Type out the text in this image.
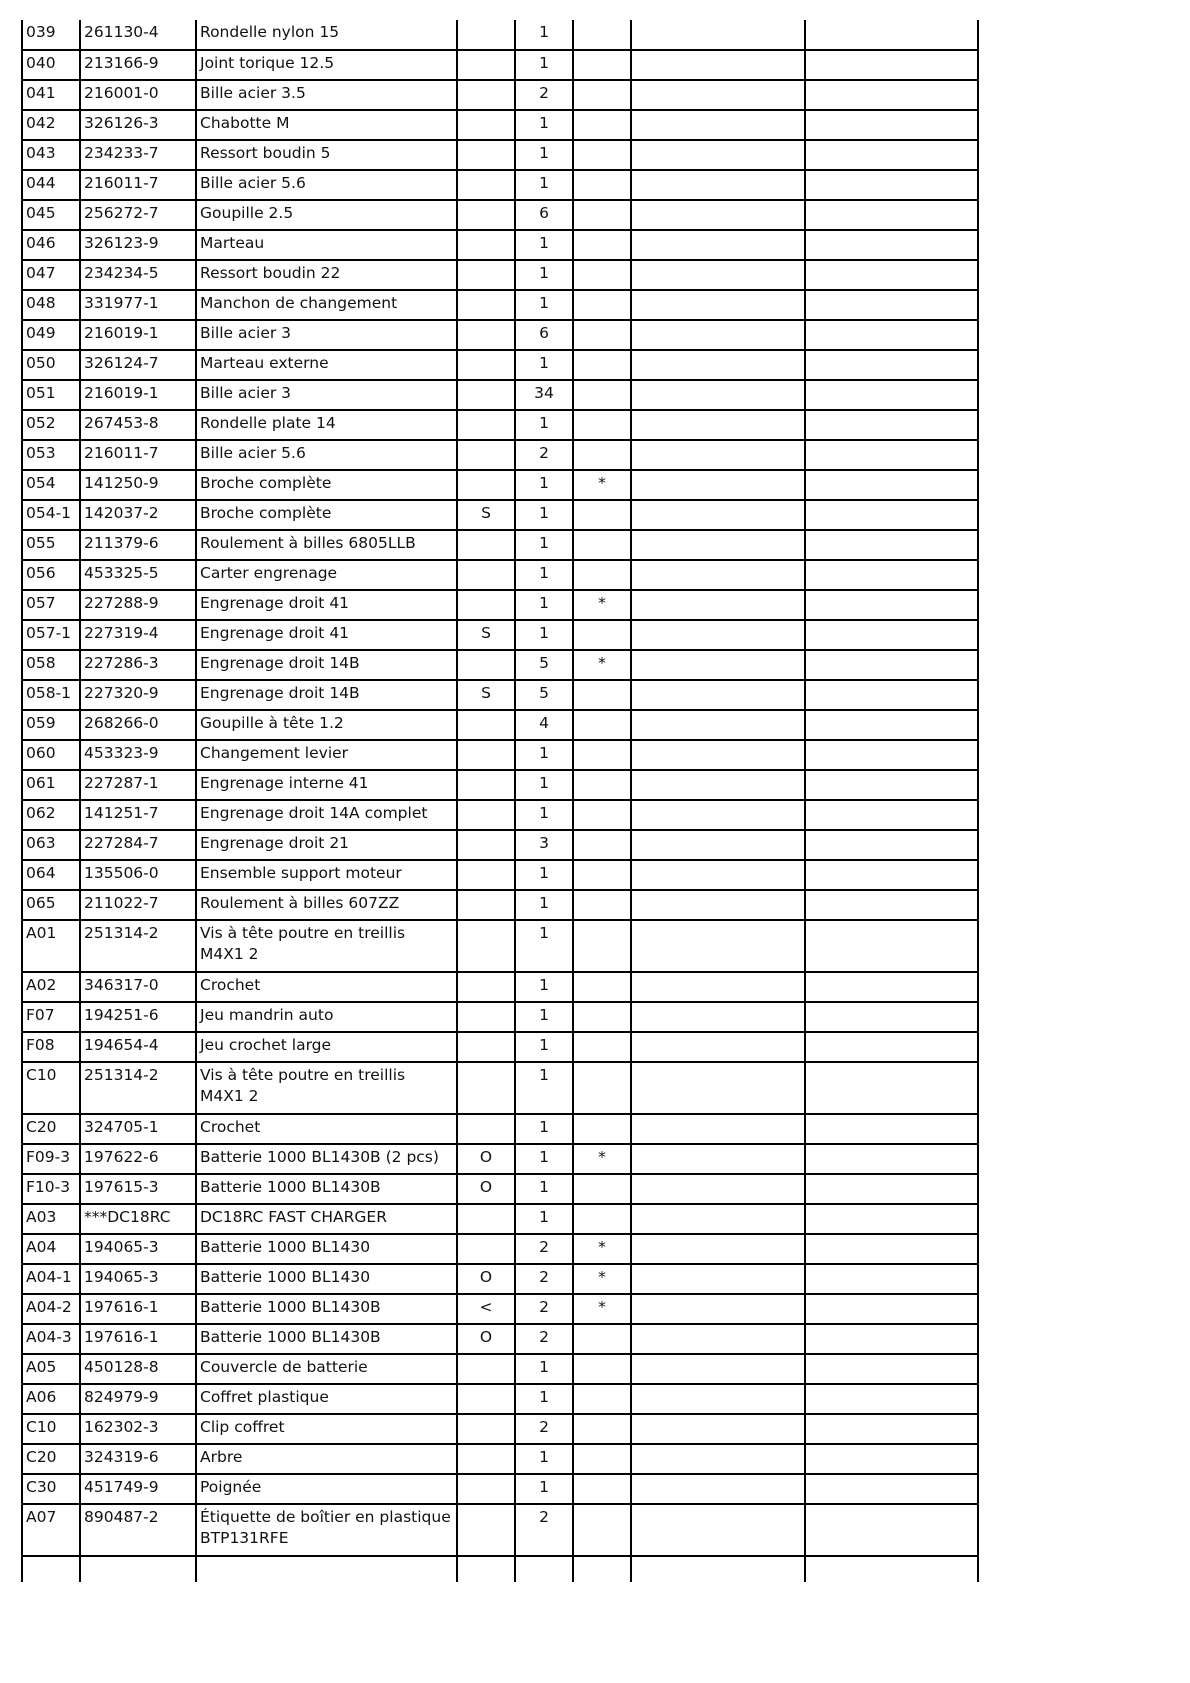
039	261130-4	Rondelle nylon 15		1			
040	213166-9	Joint torique 12.5		1			
041	216001-0	Bille acier 3.5		2			
042	326126-3	Chabotte M		1			
043	234233-7	Ressort boudin 5		1			
044	216011-7	Bille acier 5.6		1			
045	256272-7	Goupille 2.5		6			
046	326123-9	Marteau		1			
047	234234-5	Ressort boudin 22		1			
048	331977-1	Manchon de changement		1			
049	216019-1	Bille acier 3		6			
050	326124-7	Marteau externe		1			
051	216019-1	Bille acier 3		34			
052	267453-8	Rondelle plate 14		1			
053	216011-7	Bille acier 5.6		2			
054	141250-9	Broche complète		1	*		
054-1	142037-2	Broche complète	S	1			
055	211379-6	Roulement à billes 6805LLB		1			
056	453325-5	Carter engrenage		1			
057	227288-9	Engrenage droit 41		1	*		
057-1	227319-4	Engrenage droit 41	S	1			
058	227286-3	Engrenage droit 14B		5	*		
058-1	227320-9	Engrenage droit 14B	S	5			
059	268266-0	Goupille à tête 1.2		4			
060	453323-9	Changement levier		1			
061	227287-1	Engrenage interne 41		1			
062	141251-7	Engrenage droit 14A complet		1			
063	227284-7	Engrenage droit 21		3			
064	135506-0	Ensemble support moteur		1			
065	211022-7	Roulement à billes 607ZZ		1			
A01	251314-2	Vis à tête poutre en treillis M4X1 2		1			
A02	346317-0	Crochet		1			
F07	194251-6	Jeu mandrin auto		1			
F08	194654-4	Jeu crochet large		1			
C10	251314-2	Vis à tête poutre en treillis M4X1 2		1			
C20	324705-1	Crochet		1			
F09-3	197622-6	Batterie 1000 BL1430B (2 pcs)	O	1	*		
F10-3	197615-3	Batterie 1000 BL1430B	O	1			
A03	***DC18RC	DC18RC FAST CHARGER		1			
A04	194065-3	Batterie 1000 BL1430		2	*		
A04-1	194065-3	Batterie 1000 BL1430	O	2	*		
A04-2	197616-1	Batterie 1000 BL1430B	<	2	*		
A04-3	197616-1	Batterie 1000 BL1430B	O	2			
A05	450128-8	Couvercle de batterie		1			
A06	824979-9	Coffret plastique		1			
C10	162302-3	Clip coffret		2			
C20	324319-6	Arbre		1			
C30	451749-9	Poignée		1			
A07	890487-2	Étiquette de boîtier en plastique BTP131RFE		2			
